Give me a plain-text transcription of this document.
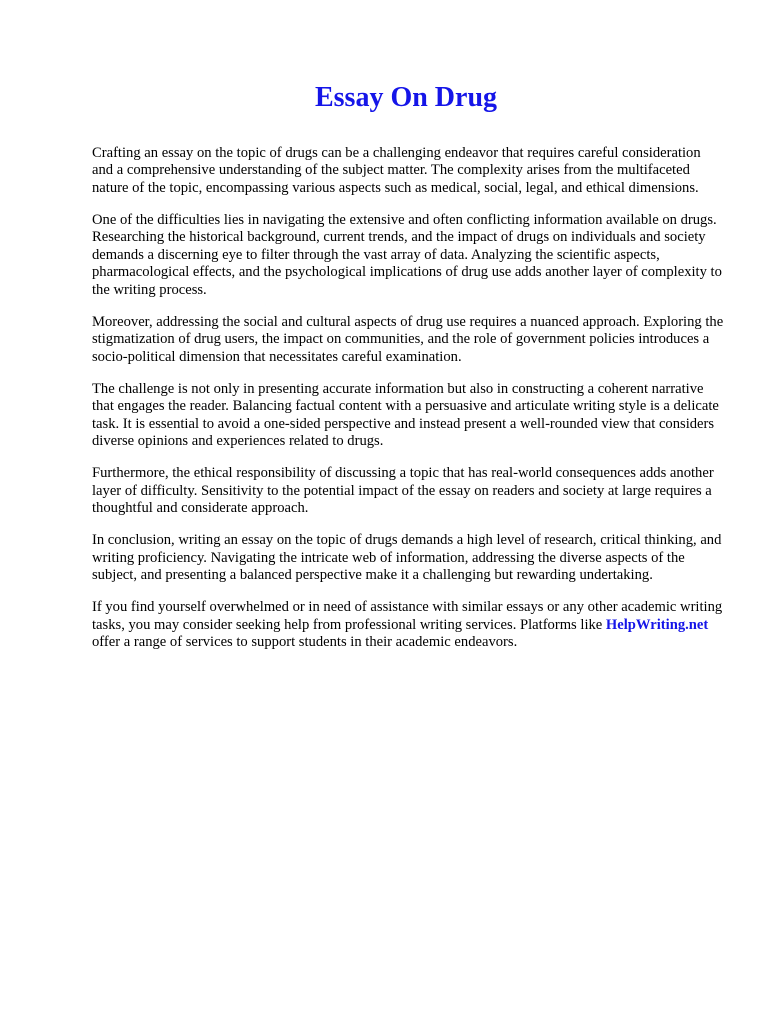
Essay On Drug

Crafting an essay on the topic of drugs can be a challenging endeavor that requires careful consideration and a comprehensive understanding of the subject matter. The complexity arises from the multifaceted nature of the topic, encompassing various aspects such as medical, social, legal, and ethical dimensions.

One of the difficulties lies in navigating the extensive and often conflicting information available on drugs. Researching the historical background, current trends, and the impact of drugs on individuals and society demands a discerning eye to filter through the vast array of data. Analyzing the scientific aspects, pharmacological effects, and the psychological implications of drug use adds another layer of complexity to the writing process.

Moreover, addressing the social and cultural aspects of drug use requires a nuanced approach. Exploring the stigmatization of drug users, the impact on communities, and the role of government policies introduces a socio-political dimension that necessitates careful examination.

The challenge is not only in presenting accurate information but also in constructing a coherent narrative that engages the reader. Balancing factual content with a persuasive and articulate writing style is a delicate task. It is essential to avoid a one-sided perspective and instead present a well-rounded view that considers diverse opinions and experiences related to drugs.

Furthermore, the ethical responsibility of discussing a topic that has real-world consequences adds another layer of difficulty. Sensitivity to the potential impact of the essay on readers and society at large requires a thoughtful and considerate approach.

In conclusion, writing an essay on the topic of drugs demands a high level of research, critical thinking, and writing proficiency. Navigating the intricate web of information, addressing the diverse aspects of the subject, and presenting a balanced perspective make it a challenging but rewarding undertaking.

If you find yourself overwhelmed or in need of assistance with similar essays or any other academic writing tasks, you may consider seeking help from professional writing services. Platforms like HelpWriting.net offer a range of services to support students in their academic endeavors.
